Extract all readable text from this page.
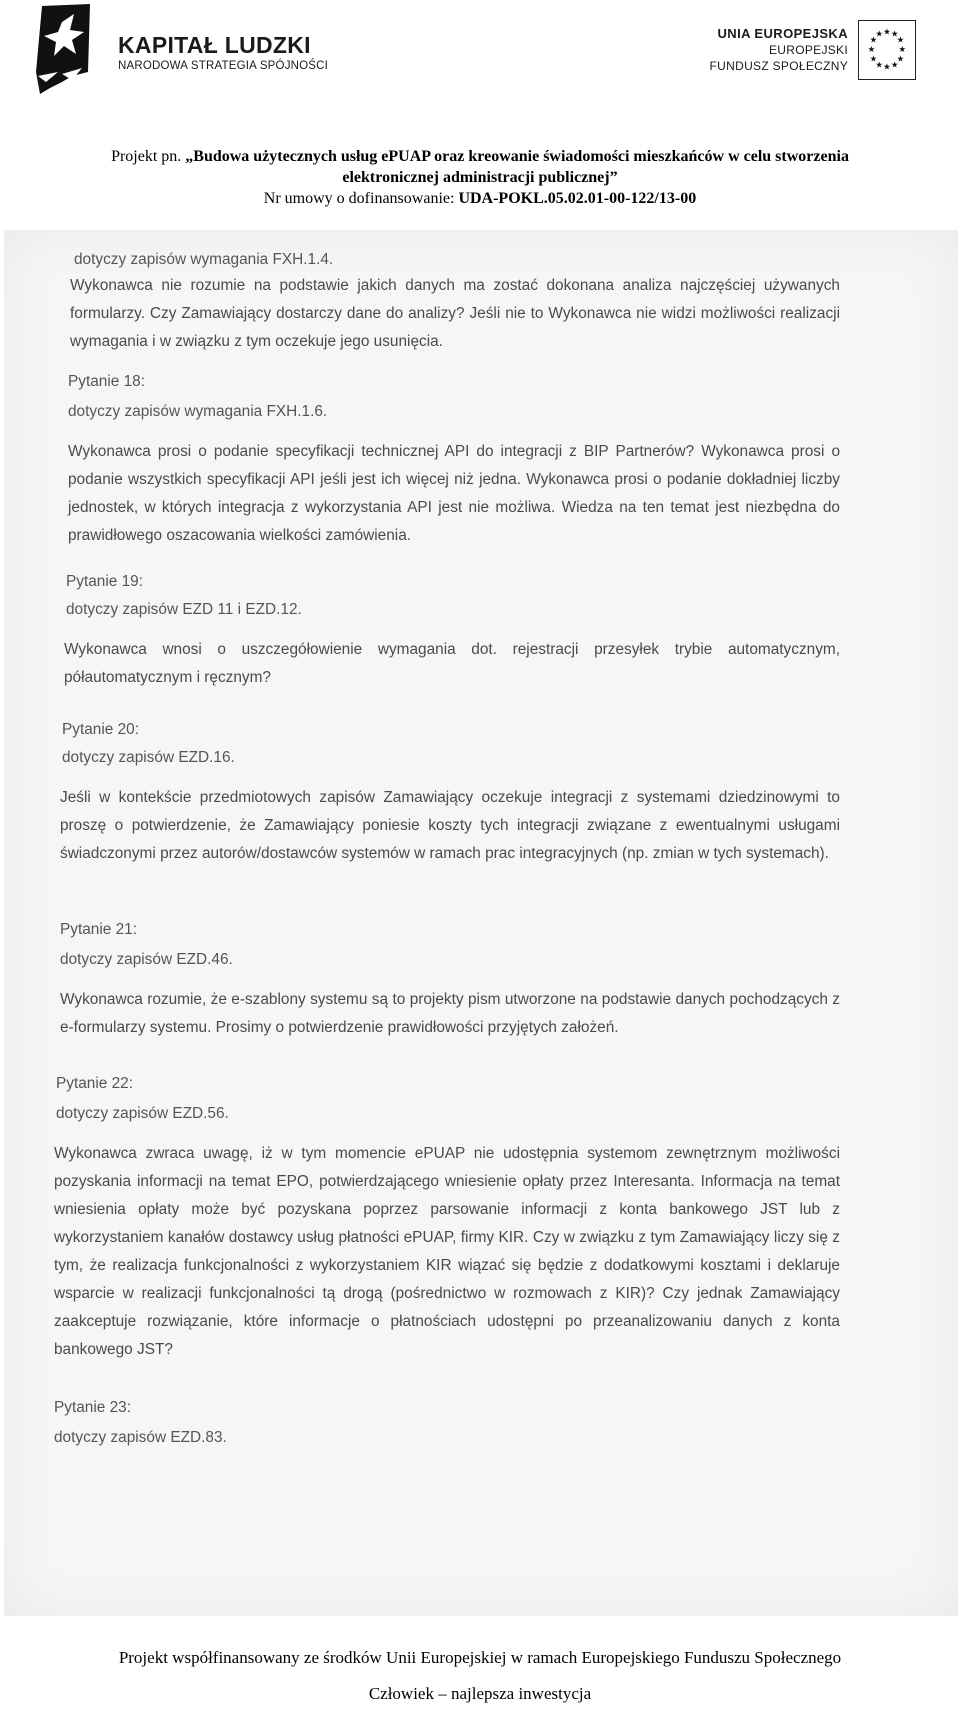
KAPITAŁ LUDZKI
NARODOWA STRATEGIA SPÓJNOŚCI
UNIA EUROPEJSKA
EUROPEJSKI
FUNDUSZ SPOŁECZNY
★ ★
★
★
★
★
★
★
★
★
★
★
Projekt pn. „Budowa użytecznych usług ePUAP oraz kreowanie świadomości mieszkańców w celu stworzenia
elektronicznej administracji publicznej”
Nr umowy o dofinansowanie: UDA-POKL.05.02.01-00-122/13-00

dotyczy zapisów wymagania FXH.1.4.

Wykonawca nie rozumie na podstawie jakich danych ma zostać dokonana analiza najczęściej używanych formularzy. Czy Zamawiający dostarczy dane do analizy? Jeśli nie to Wykonawca nie widzi możliwości realizacji wymagania i w związku z tym oczekuje jego usunięcia.

Pytanie 18:

dotyczy zapisów wymagania FXH.1.6.

Wykonawca prosi o podanie specyfikacji technicznej API do integracji z BIP Partnerów? Wykonawca prosi o podanie wszystkich specyfikacji API jeśli jest ich więcej niż jedna. Wykonawca prosi o podanie dokładniej liczby jednostek, w których integracja z wykorzystania API jest nie możliwa. Wiedza na ten temat jest niezbędna do prawidłowego oszacowania wielkości zamówienia.

Pytanie 19:

dotyczy zapisów EZD 11 i EZD.12.

Wykonawca wnosi o uszczegółowienie wymagania dot. rejestracji przesyłek trybie automatycznym, półautomatycznym i ręcznym?

Pytanie 20:

dotyczy zapisów EZD.16.

Jeśli w kontekście przedmiotowych zapisów Zamawiający oczekuje integracji z systemami dziedzinowymi to proszę o potwierdzenie, że Zamawiający poniesie koszty tych integracji związane z ewentualnymi usługami świadczonymi przez autorów/dostawców systemów w ramach prac integracyjnych (np. zmian w tych systemach).

Pytanie 21:

dotyczy zapisów EZD.46.

Wykonawca rozumie, że e-szablony systemu są to projekty pism utworzone na podstawie danych pochodzących z e-formularzy systemu. Prosimy o potwierdzenie prawidłowości przyjętych założeń.

Pytanie 22:

dotyczy zapisów EZD.56.

Wykonawca zwraca uwagę, iż w tym momencie ePUAP nie udostępnia systemom zewnętrznym możliwości pozyskania informacji na temat EPO, potwierdzającego wniesienie opłaty przez Interesanta. Informacja na temat wniesienia opłaty może być pozyskana poprzez parsowanie informacji z konta bankowego JST lub z wykorzystaniem kanałów dostawcy usług płatności ePUAP, firmy KIR. Czy w związku z tym Zamawiający liczy się z tym, że realizacja funkcjonalności z wykorzystaniem KIR wiązać się będzie z dodatkowymi kosztami i deklaruje wsparcie w realizacji funkcjonalności tą drogą (pośrednictwo w rozmowach z KIR)? Czy jednak Zamawiający zaakceptuje rozwiązanie, które informacje o płatnościach udostępni po przeanalizowaniu danych z konta bankowego JST?

Pytanie 23:

dotyczy zapisów EZD.83.

Projekt współfinansowany ze środków Unii Europejskiej w ramach Europejskiego Funduszu Społecznego
Człowiek – najlepsza inwestycja
